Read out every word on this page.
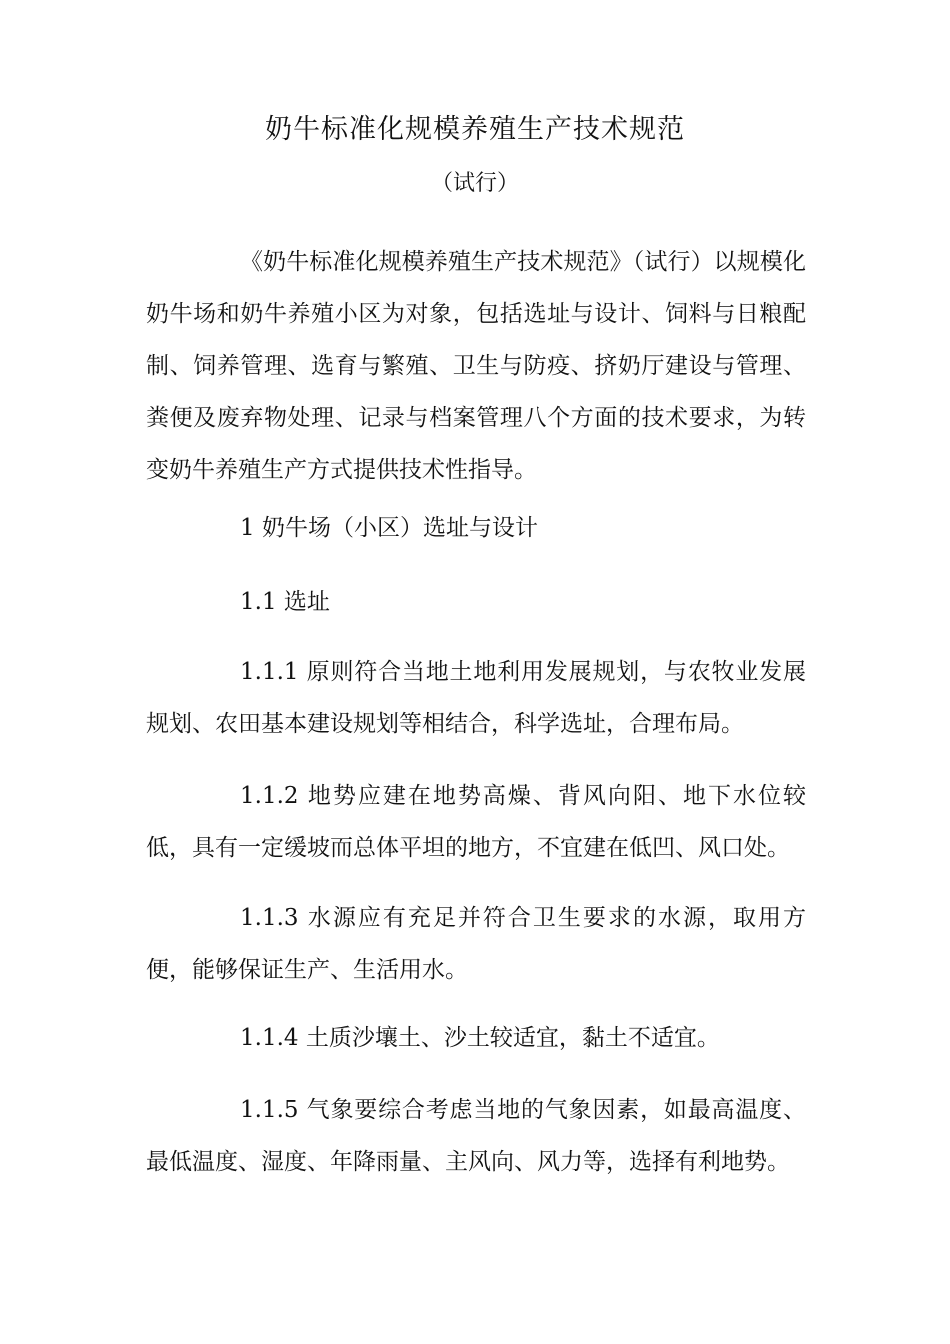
奶牛标准化规模养殖生产技术规范
（试行）

《奶牛标准化规模养殖生产技术规范》（试行）以规模化奶牛场和奶牛养殖小区为对象，包括选址与设计、饲料与日粮配制、饲养管理、选育与繁殖、卫生与防疫、挤奶厅建设与管理、粪便及废弃物处理、记录与档案管理八个方面的技术要求，为转变奶牛养殖生产方式提供技术性指导。

1 奶牛场（小区）选址与设计

1.1 选址

1.1.1 原则符合当地土地利用发展规划，与农牧业发展规划、农田基本建设规划等相结合，科学选址，合理布局。

1.1.2 地势应建在地势高燥、背风向阳、地下水位较低，具有一定缓坡而总体平坦的地方，不宜建在低凹、风口处。

1.1.3 水源应有充足并符合卫生要求的水源，取用方便，能够保证生产、生活用水。

1.1.4 土质沙壤土、沙土较适宜，黏土不适宜。

1.1.5 气象要综合考虑当地的气象因素，如最高温度、最低温度、湿度、年降雨量、主风向、风力等，选择有利地势。
